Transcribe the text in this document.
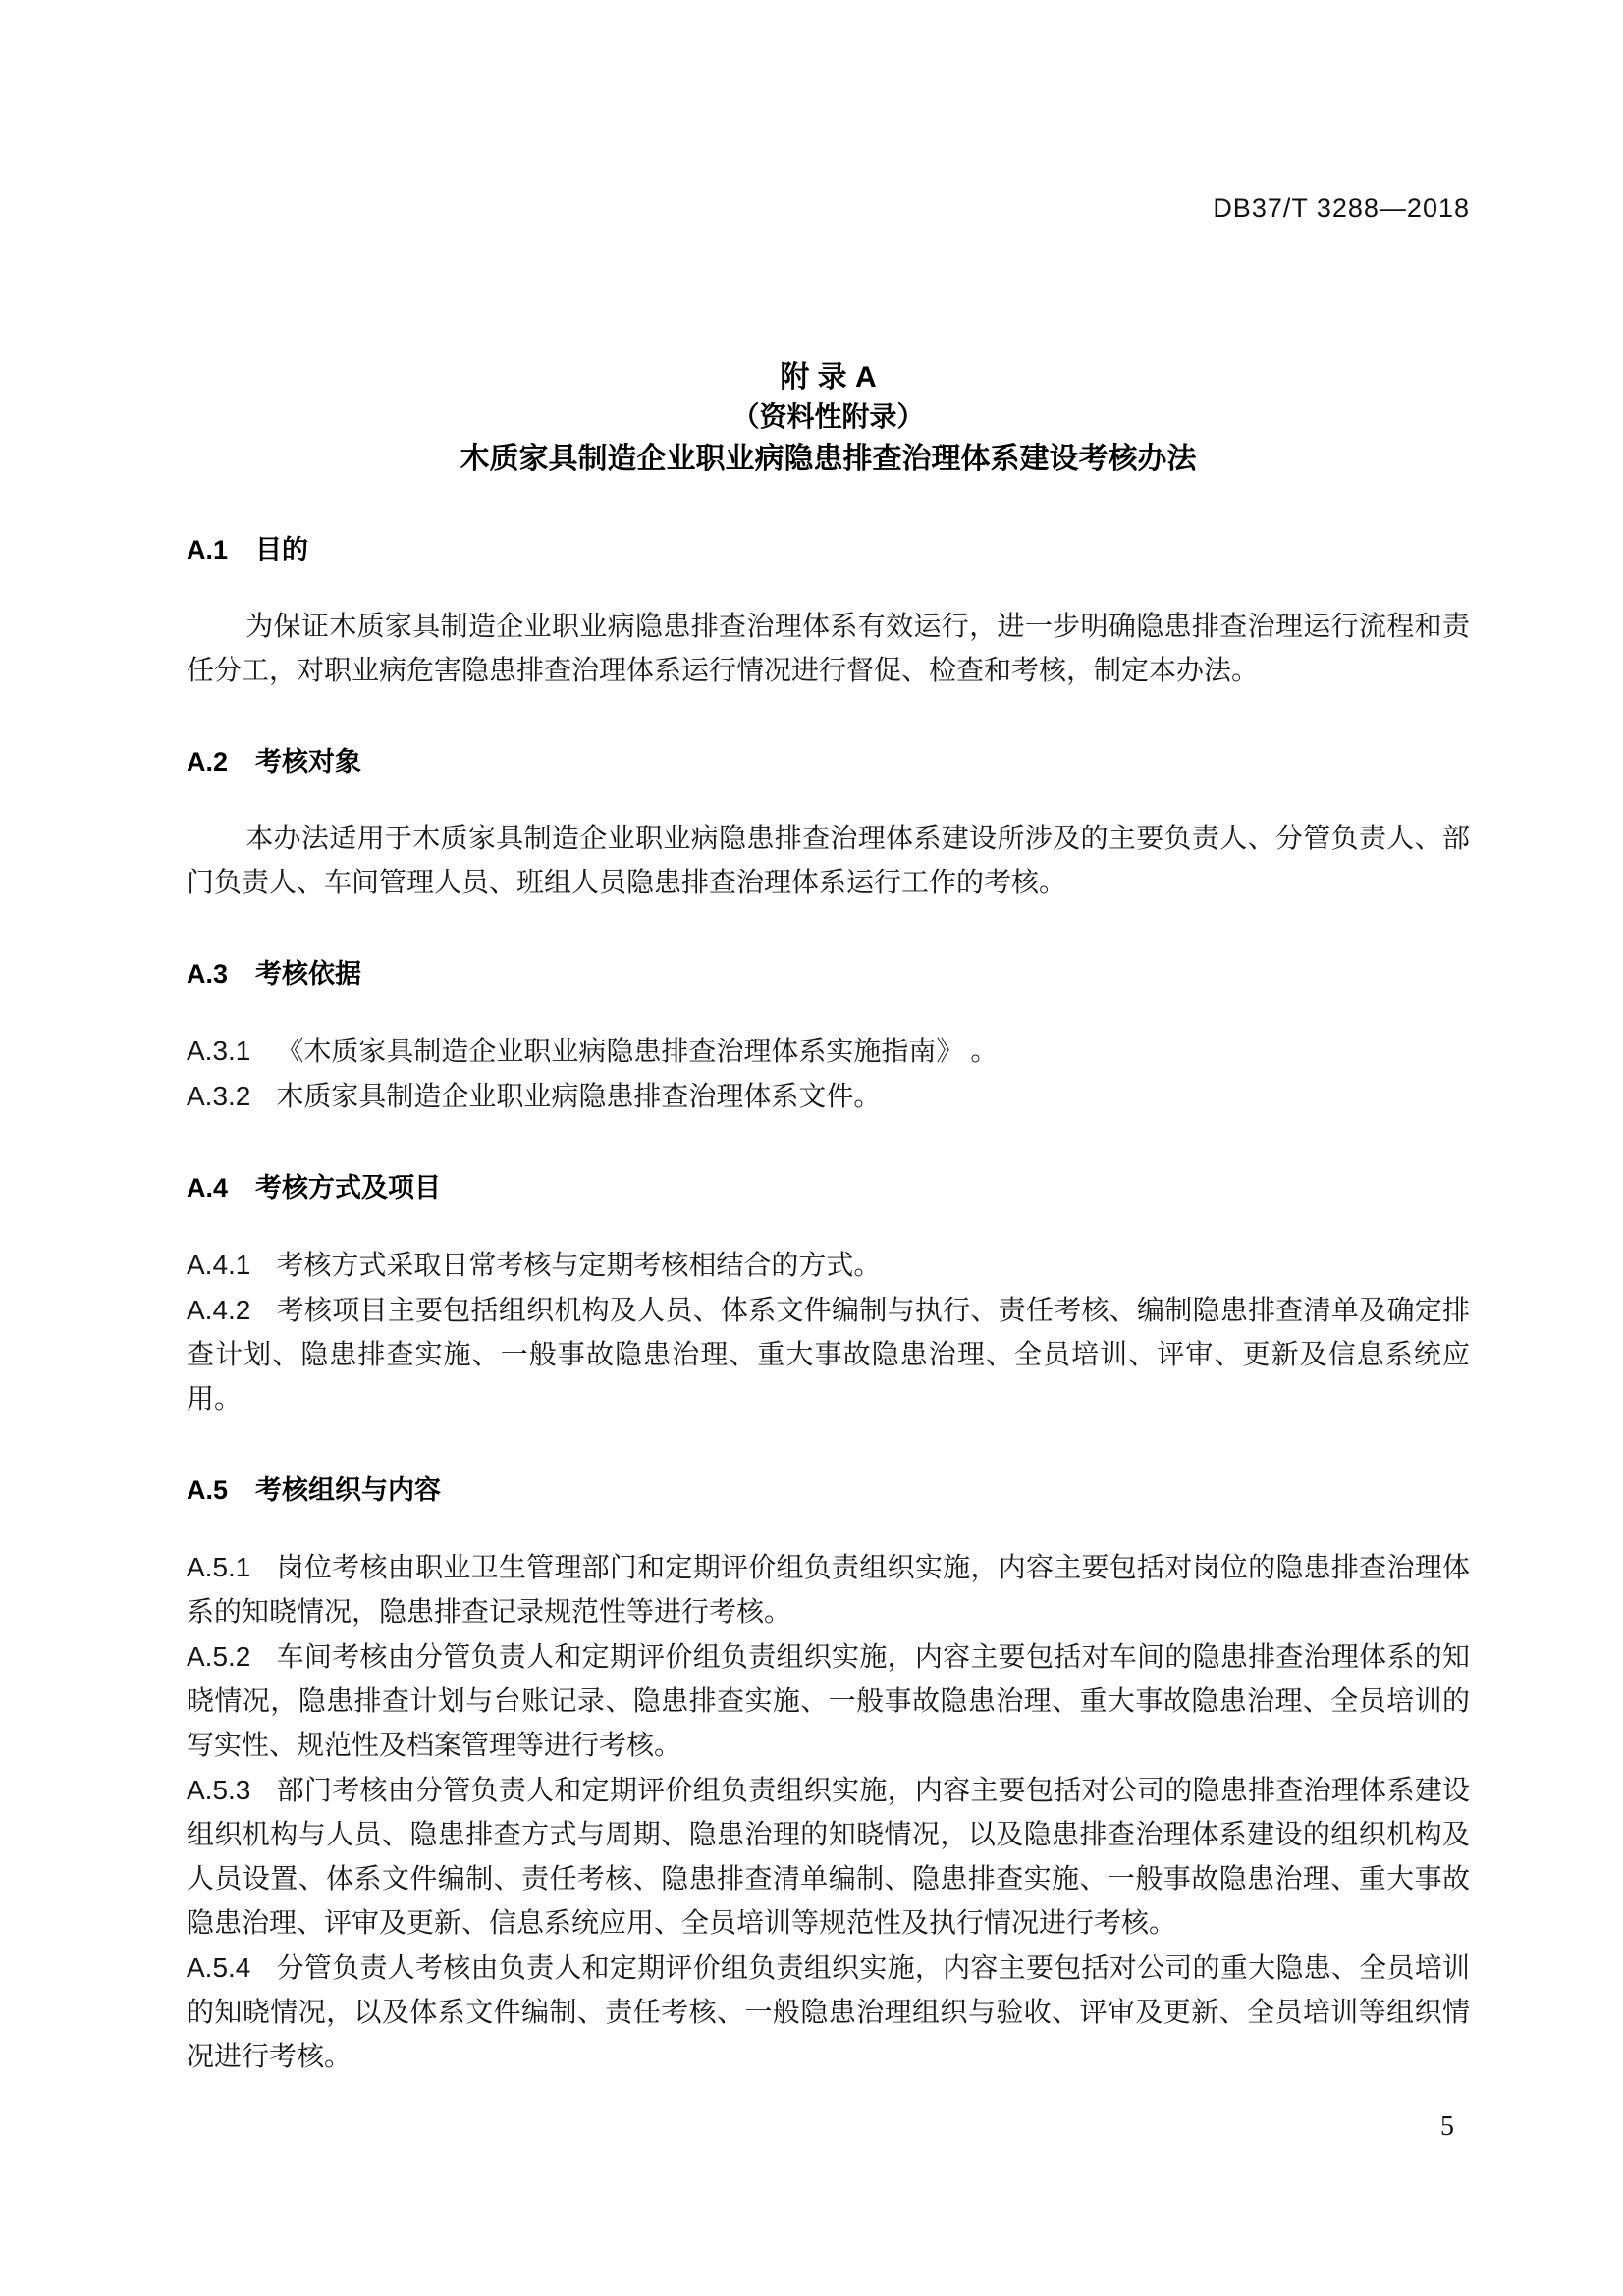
DB37/T 3288—2018
附 录 A
（资料性附录）
木质家具制造企业职业病隐患排查治理体系建设考核办法
A.1 目的

为保证木质家具制造企业职业病隐患排查治理体系有效运行，进一步明确隐患排查治理运行流程和责任分工，对职业病危害隐患排查治理体系运行情况进行督促、检查和考核，制定本办法。

A.2 考核对象

本办法适用于木质家具制造企业职业病隐患排查治理体系建设所涉及的主要负责人、分管负责人、部门负责人、车间管理人员、班组人员隐患排查治理体系运行工作的考核。

A.3 考核依据

A.3.1 《木质家具制造企业职业病隐患排查治理体系实施指南》 。

A.3.2 木质家具制造企业职业病隐患排查治理体系文件。

A.4 考核方式及项目

A.4.1 考核方式采取日常考核与定期考核相结合的方式。

A.4.2 考核项目主要包括组织机构及人员、体系文件编制与执行、责任考核、编制隐患排查清单及确定排查计划、隐患排查实施、一般事故隐患治理、重大事故隐患治理、全员培训、评审、更新及信息系统应用。

A.5 考核组织与内容

A.5.1 岗位考核由职业卫生管理部门和定期评价组负责组织实施，内容主要包括对岗位的隐患排查治理体系的知晓情况，隐患排查记录规范性等进行考核。

A.5.2 车间考核由分管负责人和定期评价组负责组织实施，内容主要包括对车间的隐患排查治理体系的知晓情况，隐患排查计划与台账记录、隐患排查实施、一般事故隐患治理、重大事故隐患治理、全员培训的写实性、规范性及档案管理等进行考核。

A.5.3 部门考核由分管负责人和定期评价组负责组织实施，内容主要包括对公司的隐患排查治理体系建设组织机构与人员、隐患排查方式与周期、隐患治理的知晓情况，以及隐患排查治理体系建设的组织机构及人员设置、体系文件编制、责任考核、隐患排查清单编制、隐患排查实施、一般事故隐患治理、重大事故隐患治理、评审及更新、信息系统应用、全员培训等规范性及执行情况进行考核。

A.5.4 分管负责人考核由负责人和定期评价组负责组织实施，内容主要包括对公司的重大隐患、全员培训的知晓情况，以及体系文件编制、责任考核、一般隐患治理组织与验收、评审及更新、全员培训等组织情况进行考核。

5
